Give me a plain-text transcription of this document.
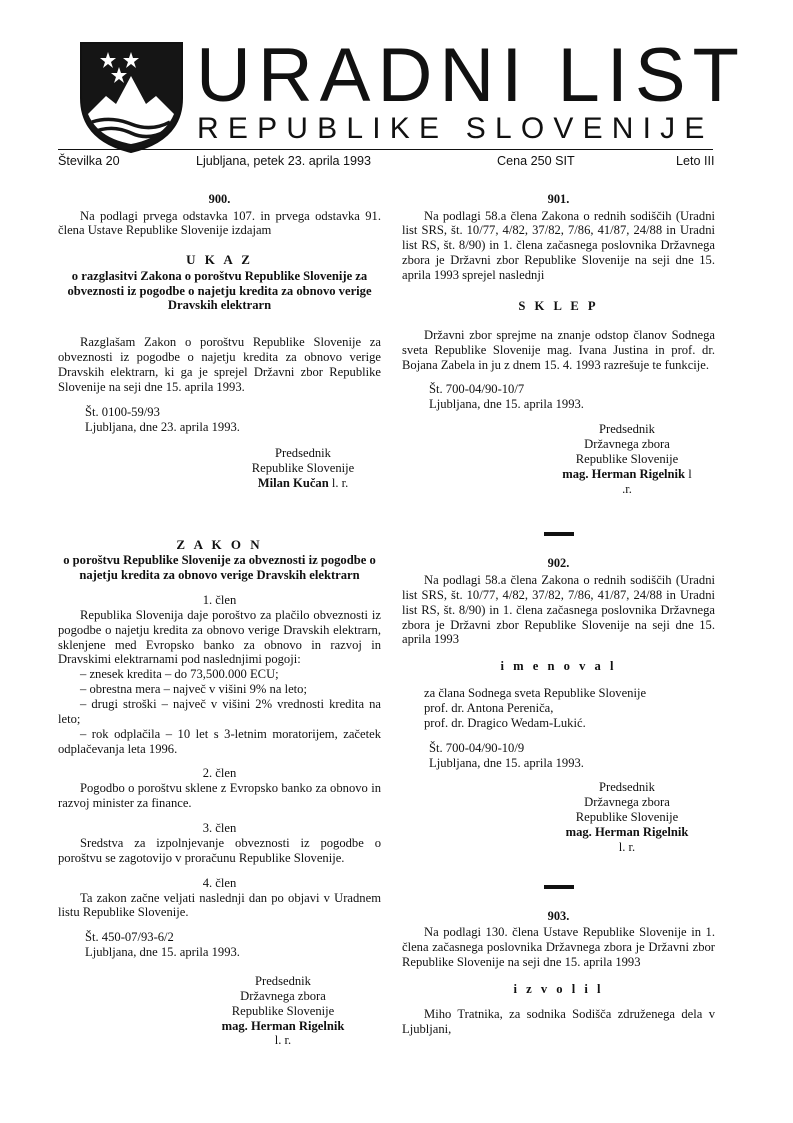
URADNI LIST
REPUBLIKE SLOVENIJE
Številka 20	Ljubljana, petek 23. aprila 1993	Cena 250 SIT	Leto III

900.

Na podlagi prvega odstavka 107. in prvega odstavka 91. člena Ustave Republike Slovenije izdajam

U K A Z

o razglasitvi Zakona o poroštvu Republike Slovenije za obveznosti iz pogodbe o najetju kredita za obnovo verige Dravskih elektrarn

Razglašam Zakon o poroštvu Republike Slovenije za obveznosti iz pogodbe o najetju kredita za obnovo verige Dravskih elektrarn, ki ga je sprejel Državni zbor Republike Slovenije na seji dne 15. aprila 1993.

Št. 0100-59/93

Ljubljana, dne 23. aprila 1993.

Predsednik

Republike Slovenije

Milan Kučan l. r.

Z A K O N

o poroštvu Republike Slovenije za obveznosti iz pogodbe o najetju kredita za obnovo verige Dravskih elektrarn

1. člen

Republika Slovenija daje poroštvo za plačilo obveznosti iz pogodbe o najetju kredita za obnovo verige Dravskih elektrarn, sklenjene med Evropsko banko za obnovo in razvoj in Dravskimi elektrarnami pod naslednjimi pogoji:

– znesek kredita – do 73,500.000 ECU;

– obrestna mera – največ v višini 9% na leto;

– drugi stroški – največ v višini 2% vrednosti kredita na leto;

– rok odplačila – 10 let s 3-letnim moratorijem, začetek odplačevanja leta 1996.

2. člen

Pogodbo o poroštvu sklene z Evropsko banko za obnovo in razvoj minister za finance.

3. člen

Sredstva za izpolnjevanje obveznosti iz pogodbe o poroštvu se zagotovijo v proračunu Republike Slovenije.

4. člen

Ta zakon začne veljati naslednji dan po objavi v Uradnem listu Republike Slovenije.

Št. 450-07/93-6/2

Ljubljana, dne 15. aprila 1993.

Predsednik

Državnega zbora

Republike Slovenije

mag. Herman Rigelnik l. r.

901.

Na podlagi 58.a člena Zakona o rednih sodiščih (Uradni list SRS, št. 10/77, 4/82, 37/82, 7/86, 41/87, 24/88 in Uradni list RS, št. 8/90) in 1. člena začasnega poslovnika Državnega zbora je Državni zbor Republike Slovenije na seji dne 15. aprila 1993 sprejel naslednji

S K L E P

Državni zbor sprejme na znanje odstop članov Sodnega sveta Republike Slovenije mag. Ivana Justina in prof. dr. Bojana Zabela in ju z dnem 15. 4. 1993 razrešuje te funkcije.

Št. 700-04/90-10/7

Ljubljana, dne 15. aprila 1993.

Predsednik

Državnega zbora

Republike Slovenije

mag. Herman Rigelnik l .r.

902.

Na podlagi 58.a člena Zakona o rednih sodiščih (Uradni list SRS, št. 10/77, 4/82, 37/82, 7/86, 41/87, 24/88 in Uradni list RS, št. 8/90) in 1. člena začasnega poslovnika Državnega zbora je Državni zbor Republike Slovenije na seji dne 15. aprila 1993

i m e n o v a l

za člana Sodnega sveta Republike Slovenije

prof. dr. Antona Pereniča,

prof. dr. Dragico Wedam-Lukić.

Št. 700-04/90-10/9

Ljubljana, dne 15. aprila 1993.

Predsednik

Državnega zbora

Republike Slovenije

mag. Herman Rigelnik l. r.

903.

Na podlagi 130. člena Ustave Republike Slovenije in 1. člena začasnega poslovnika Državnega zbora je Državni zbor Republike Slovenije na seji dne 15. aprila 1993

i z v o l i l

Miho Tratnika, za sodnika Sodišča združenega dela v Ljubljani,
